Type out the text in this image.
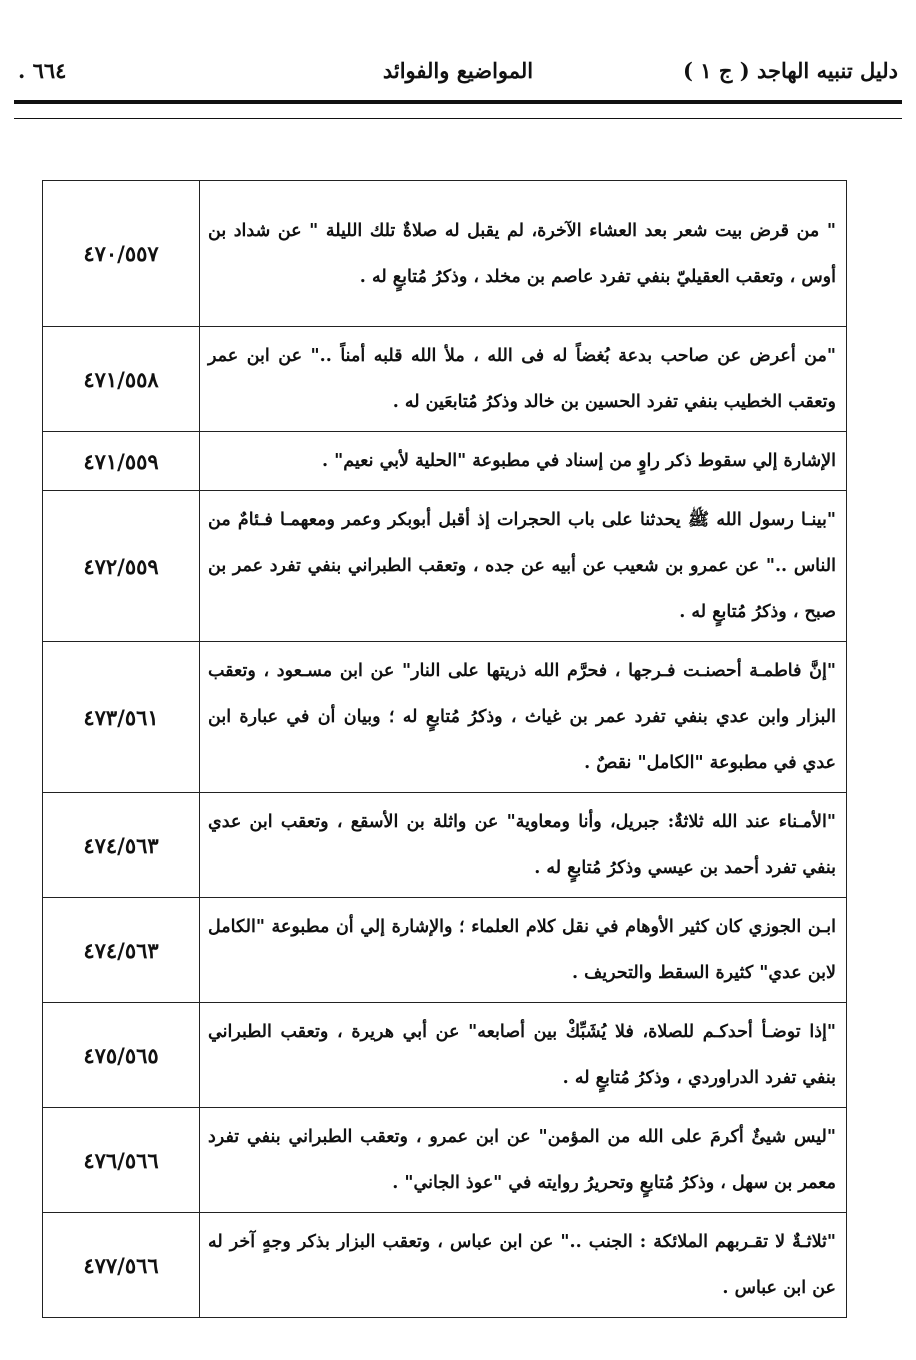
دليل تنبيه الهاجد ( ج ١ )
المواضيع والفوائد
٦٦٤ .
" من قرض بيت شعر بعد العشاء الآخرة، لم يقبل له صلاةٌ تلك الليلة " عن شداد بن أوس ، وتعقب العقيليّ بنفي تفرد عاصم بن مخلد ، وذكرُ مُتابعٍ له .	٤٧٠/٥٥٧
"من أعرض عن صاحب بدعة بُغضاً له فى الله ، ملأ الله قلبه أمناً .." عن ابن عمر وتعقب الخطيب بنفي تفرد الحسين بن خالد وذكرُ مُتابعَين له .	٤٧١/٥٥٨
الإشارة إلي سقوط ذكر راوٍ من إسناد في مطبوعة "الحلية لأبي نعيم" .	٤٧١/٥٥٩
"بينـا رسول الله ﷺ يحدثنا على باب الحجرات إذ أقبل أبوبكر وعمر ومعهمـا فـئامٌ من الناس .." عن عمرو بن شعيب عن أبيه عن جده ، وتعقب الطبراني بنفي تفرد عمر بن صبح ، وذكرُ مُتابعٍ له .	٤٧٢/٥٥٩
"إنَّ فاطمـة أحصنـت فـرجها ، فحرَّم الله ذريتها على النار" عن ابن مسـعود ، وتعقب البزار وابن عدي بنفي تفرد عمر بن غياث ، وذكرُ مُتابعٍ له ؛ وبيان أن في عبارة ابن عدي في مطبوعة "الكامل" نقصٌ .	٤٧٣/٥٦١
"الأمـناء عند الله ثلاثةٌ: جبريل، وأنا ومعاوية" عن واثلة بن الأسقع ، وتعقب ابن عدي بنفي تفرد أحمد بن عيسي وذكرُ مُتابعٍ له .	٤٧٤/٥٦٣
ابـن الجوزي كان كثير الأوهام في نقل كلام العلماء ؛ والإشارة إلي أن مطبوعة "الكامل لابن عدي" كثيرة السقط والتحريف .	٤٧٤/٥٦٣
"إذا توضـأ أحدكـم للصلاة، فلا يُشَبِّكْ بين أصابعه" عن أبي هريرة ، وتعقب الطبراني بنفي تفرد الدراوردي ، وذكرُ مُتابعٍ له .	٤٧٥/٥٦٥
"ليس شيئٌ أكرمَ على الله من المؤمن" عن ابن عمرو ، وتعقب الطبراني بنفي تفرد معمر بن سهل ، وذكرُ مُتابعٍ وتحريرُ روايته في "عوذ الجاني" .	٤٧٦/٥٦٦
"ثلاثـةٌ لا تقـربهم الملائكة : الجنب .." عن ابن عباس ، وتعقب البزار بذكر وجهٍ آخر له عن ابن عباس .	٤٧٧/٥٦٦
